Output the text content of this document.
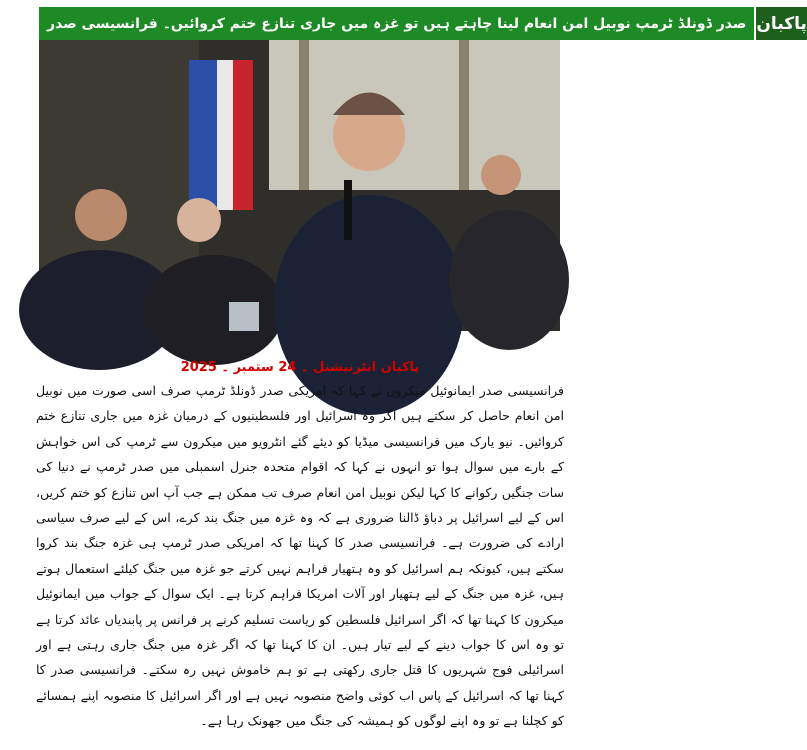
صدر ڈونلڈ ٹرمپ نوبیل امن انعام لینا چاہتے ہیں تو غزہ میں جاری تنازع ختم کروائیں۔ فرانسیسی صدر پاکبان
پاکبان انٹرنیشنل ۔ 24 ستمبر ۔ 2025
فرانسیسی صدر ایمانوئیل میکرون نے کہا کہ امریکی صدر ڈونلڈ ٹرمپ صرف اسی صورت میں نوبیل امن انعام حاصل کر سکتے ہیں اگر وہ اسرائیل اور فلسطینیوں کے درمیان غزہ میں جاری تنازع ختم کروائیں۔ نیو یارک میں فرانسیسی میڈیا کو دیئے گئے انٹرویو میں میکرون سے ٹرمپ کی اس خواہش کے بارے میں سوال ہوا تو انہوں نے کہا کہ اقوام متحدہ جنرل اسمبلی میں صدر ٹرمپ نے دنیا کی سات جنگیں رکوانے کا کہا لیکن نوبیل امن انعام صرف تب ممکن ہے جب آپ اس تنازع کو ختم کریں، اس کے لیے اسرائیل پر دباؤ ڈالنا ضروری ہے کہ وہ غزہ میں جنگ بند کرے، اس کے لیے صرف سیاسی ارادے کی ضرورت ہے۔ فرانسیسی صدر کا کہنا تھا کہ امریکی صدر ٹرمپ ہی غزہ جنگ بند کروا سکتے ہیں، کیونکہ ہم اسرائیل کو وہ ہتھیار فراہم نہیں کرتے جو غزہ میں جنگ کیلئے استعمال ہوتے ہیں، غزہ میں جنگ کے لیے ہتھیار اور آلات امریکا فراہم کرتا ہے۔ ایک سوال کے جواب میں ایمانوئیل میکرون کا کہنا تھا کہ اگر اسرائیل فلسطین کو ریاست تسلیم کرنے پر فرانس پر پابندیاں عائد کرتا ہے تو وہ اس کا جواب دینے کے لیے تیار ہیں۔ ان کا کہنا تھا کہ اگر غزہ میں جنگ جاری رہتی ہے اور اسرائیلی فوج شہریوں کا قتل جاری رکھتی ہے تو ہم خاموش نہیں رہ سکتے۔ فرانسیسی صدر کا کہنا تھا کہ اسرائیل کے پاس اب کوئی واضح منصوبہ نہیں ہے اور اگر اسرائیل کا منصوبہ اپنے ہمسائے کو کچلنا ہے تو وہ اپنے لوگوں کو ہمیشہ کی جنگ میں جھونک رہا ہے۔
